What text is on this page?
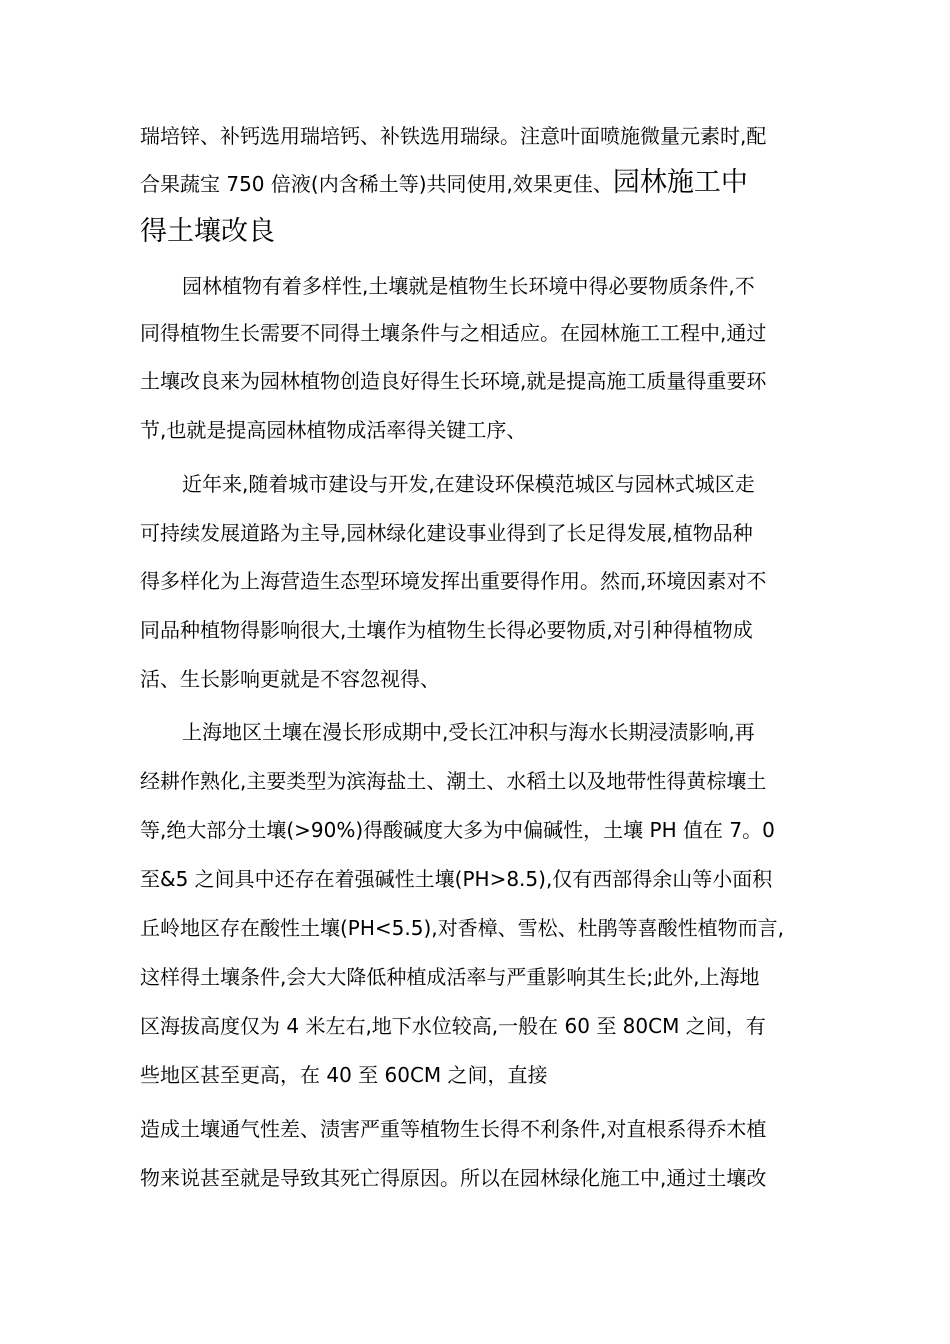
瑞培锌、补钙选用瑞培钙、补铁选用瑞绿。注意叶面喷施微量元素时,配
合果蔬宝 750 倍液(内含稀土等)共同使用,效果更佳、园林施工中
得土壤改良
园林植物有着多样性,土壤就是植物生长环境中得必要物质条件,不
同得植物生长需要不同得土壤条件与之相适应。在园林施工工程中,通过
土壤改良来为园林植物创造良好得生长环境,就是提高施工质量得重要环
节,也就是提高园林植物成活率得关键工序、
近年来,随着城市建设与开发,在建设环保模范城区与园林式城区走
可持续发展道路为主导,园林绿化建设事业得到了长足得发展,植物品种
得多样化为上海营造生态型环境发挥出重要得作用。然而,环境因素对不
同品种植物得影响很大,土壤作为植物生长得必要物质,对引种得植物成
活、生长影响更就是不容忽视得、
上海地区土壤在漫长形成期中,受长江冲积与海水长期浸渍影响,再
经耕作熟化,主要类型为滨海盐土、潮土、水稻土以及地带性得黄棕壤土
等,绝大部分土壤(>90%)得酸碱度大多为中偏碱性，土壤 PH 值在 7。0
至&5 之间具中还存在着强碱性土壤(PH>8.5),仅有西部得余山等小面积
丘岭地区存在酸性土壤(PH<5.5),对香樟、雪松、杜鹃等喜酸性植物而言,
这样得土壤条件,会大大降低种植成活率与严重影响其生长;此外,上海地
区海拔高度仅为 4 米左右,地下水位较高,一般在 60 至 80CM 之间，有
些地区甚至更高，在 40 至 60CM 之间，直接
造成土壤通气性差、渍害严重等植物生长得不利条件,对直根系得乔木植
物来说甚至就是导致其死亡得原因。所以在园林绿化施工中,通过土壤改
